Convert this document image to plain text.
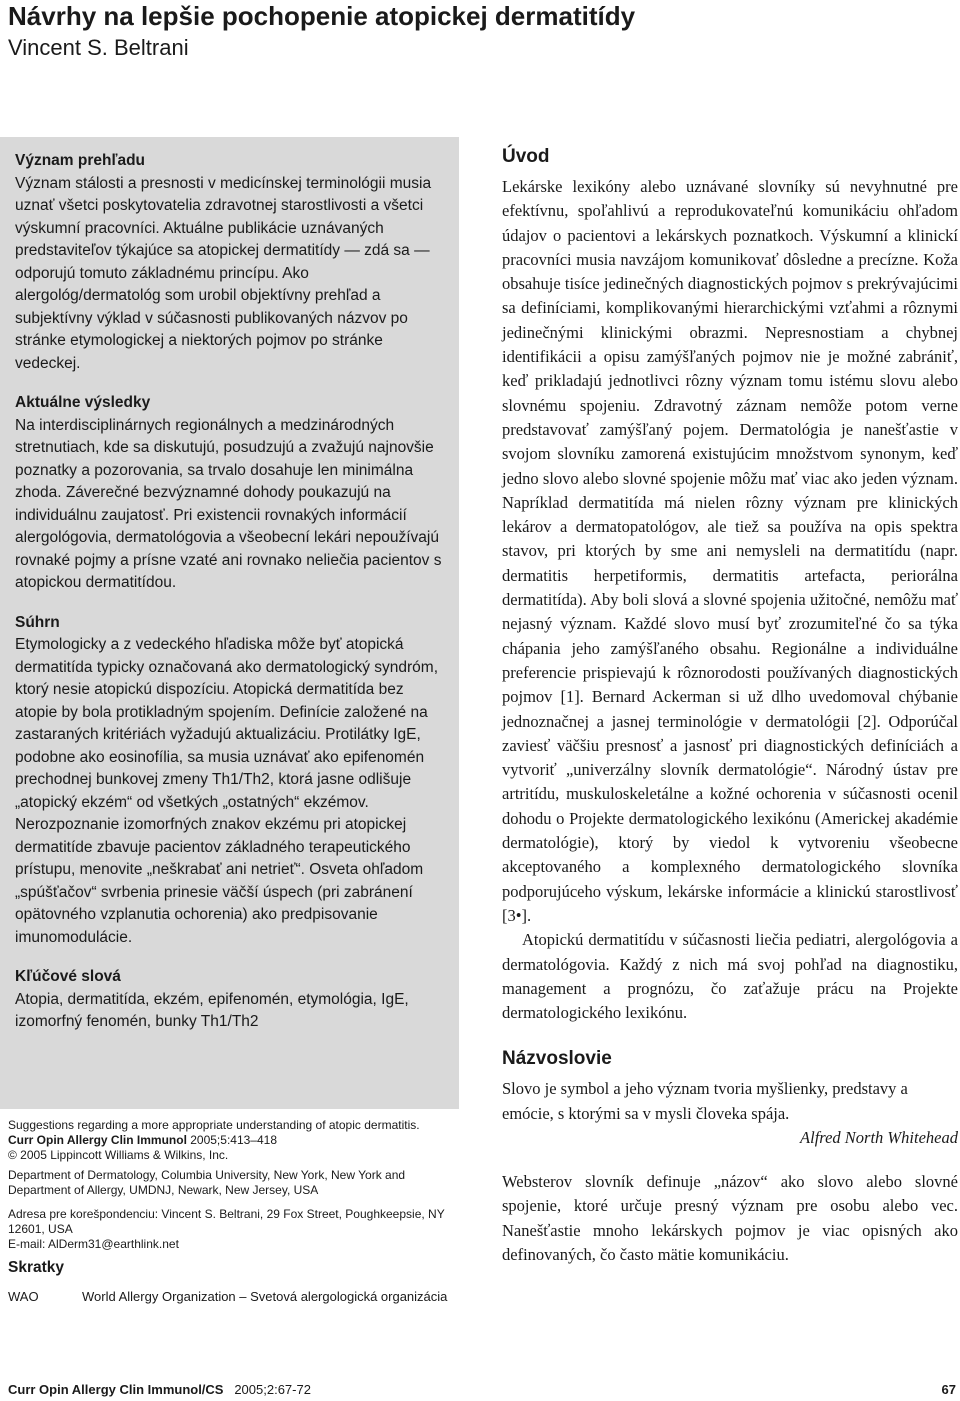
Návrhy na lepšie pochopenie atopickej dermatitídy
Vincent S. Beltrani

Význam prehľadu

Význam stálosti a presnosti v medicínskej terminológii musia uznať všetci poskytovatelia zdravotnej starostlivosti a všetci výskumní pracovníci. Aktuálne publikácie uznávaných predstaviteľov týkajúce sa atopickej dermatitídy — zdá sa — odporujú tomuto základnému princípu. Ako alergológ/dermatológ som urobil objektívny prehľad a subjektívny výklad v súčasnosti publikovaných názvov po stránke etymologickej a niektorých pojmov po stránke vedeckej.

Aktuálne výsledky

Na interdisciplinárnych regionálnych a medzinárodných stretnutiach, kde sa diskutujú, posudzujú a zvažujú najnovšie poznatky a pozorovania, sa trvalo dosahuje len minimálna zhoda. Záverečné bezvýznamné dohody poukazujú na individuálnu zaujatosť. Pri existencii rovnakých informácií alergológovia, dermatológovia a všeobecní lekári nepoužívajú rovnaké pojmy a prísne vzaté ani rovnako neliečia pacientov s atopickou dermatitídou.

Súhrn

Etymologicky a z vedeckého hľadiska môže byť atopická dermatitída typicky označovaná ako dermatologický syndróm, ktorý nesie atopickú dispozíciu. Atopická dermatitída bez atopie by bola protikladným spojením. Definície založené na zastaraných kritériách vyžadujú aktualizáciu. Protilátky IgE, podobne ako eosinofília, sa musia uznávať ako epifenomén prechodnej bunkovej zmeny Th1/Th2, ktorá jasne odlišuje „atopický ekzém“ od všetkých „ostatných“ ekzémov. Nerozpoznanie izomorfných znakov ekzému pri atopickej dermatitíde zbavuje pacientov základného terapeutického prístupu, menovite „neškrabať ani netrieť“. Osveta ohľadom „spúšťačov“ svrbenia prinesie väčší úspech (pri zabránení opätovného vzplanutia ochorenia) ako predpisovanie imunomodulácie.

Kľúčové slová

Atopia, dermatitída, ekzém, epifenomén, etymológia, IgE, izomorfný fenomén, bunky Th1/Th2

Suggestions regarding a more appropriate understanding of atopic dermatitis.

Curr Opin Allergy Clin Immunol 2005;5:413–418

© 2005 Lippincott Williams & Wilkins, Inc.

Department of Dermatology, Columbia University, New York, New York and Department of Allergy, UMDNJ, Newark, New Jersey, USA

Adresa pre korešpondenciu: Vincent S. Beltrani, 29 Fox Street, Poughkeepsie, NY 12601, USA

E-mail: AlDerm31@earthlink.net

Skratky

WAO	World Allergy Organization – Svetová alergologická organizácia
Úvod

Lekárske lexikóny alebo uznávané slovníky sú nevyhnutné pre efektívnu, spoľahlivú a reprodukovateľnú komunikáciu ohľadom údajov o pacientovi a lekárskych poznatkoch. Výskumní a klinickí pracovníci musia navzájom komunikovať dôsledne a precízne. Koža obsahuje tisíce jedinečných diagnostických pojmov s prekrývajúcimi sa definíciami, komplikovanými hierarchickými vzťahmi a rôznymi jedinečnými klinickými obrazmi. Nepresnostiam a chybnej identifikácii a opisu zamýšľaných pojmov nie je možné zabrániť, keď prikladajú jednotlivci rôzny význam tomu istému slovu alebo slovnému spojeniu. Zdravotný záznam nemôže potom verne predstavovať zamýšľaný pojem. Dermatológia je nanešťastie v svojom slovníku zamorená existujúcim množstvom synonym, keď jedno slovo alebo slovné spojenie môžu mať viac ako jeden význam. Napríklad dermatitída má nielen rôzny význam pre klinických lekárov a dermatopatológov, ale tiež sa používa na opis spektra stavov, pri ktorých by sme ani nemysleli na dermatitídu (napr. dermatitis herpetiformis, dermatitis artefacta, periorálna dermatitída). Aby boli slová a slovné spojenia užitočné, nemôžu mať nejasný význam. Každé slovo musí byť zrozumiteľné čo sa týka chápania jeho zamýšľaného obsahu. Regionálne a individuálne preferencie prispievajú k rôznorodosti používaných diagnostických pojmov [1]. Bernard Ackerman si už dlho uvedomoval chýbanie jednoznačnej a jasnej terminológie v dermatológii [2]. Odporúčal zaviesť väčšiu presnosť a jasnosť pri diagnostických definíciách a vytvoriť „univerzálny slovník dermatológie“. Národný ústav pre artritídu, muskuloskeletálne a kožné ochorenia v súčasnosti ocenil dohodu o Projekte dermatologického lexikónu (Americkej akadémie dermatológie), ktorý by viedol k vytvoreniu všeobecne akceptovaného a komplexného dermatologického slovníka podporujúceho výskum, lekárske informácie a klinickú starostlivosť [3•].

Atopickú dermatitídu v súčasnosti liečia pediatri, alergológovia a dermatológovia. Každý z nich má svoj pohľad na diagnostiku, management a prognózu, čo zaťažuje prácu na Projekte dermatologického lexikónu.

Názvoslovie

Slovo je symbol a jeho význam tvoria myšlienky, predstavy a emócie, s ktorými sa v mysli človeka spája.

Alfred North Whitehead

Websterov slovník definuje „názov“ ako slovo alebo slovné spojenie, ktoré určuje presný význam pre osobu alebo vec. Nanešťastie mnoho lekárskych pojmov je viac opisných ako definovaných, čo často mätie komunikáciu.

Curr Opin Allergy Clin Immunol/CS 2005;2:67-72	67
